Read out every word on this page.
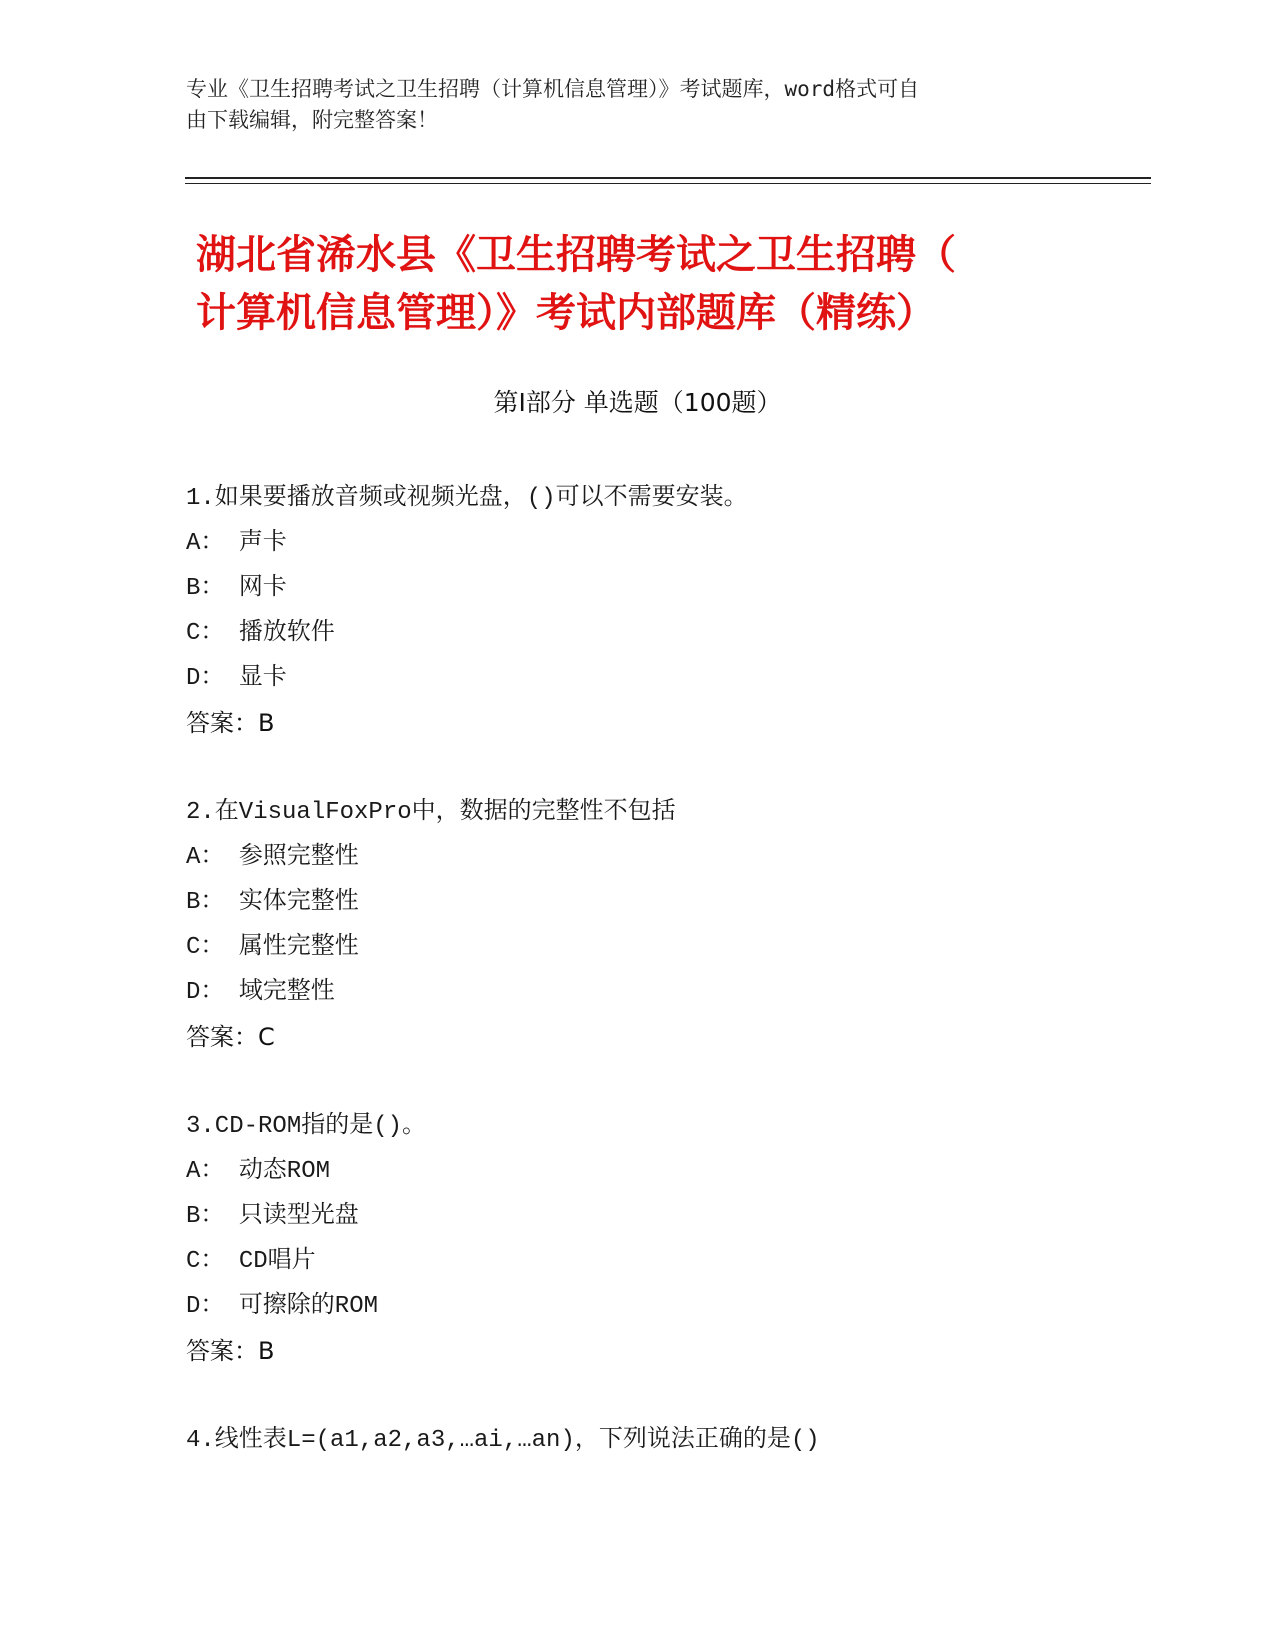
专业《卫生招聘考试之卫生招聘（计算机信息管理）》考试题库，word格式可自
由下载编辑，附完整答案！
湖北省浠水县《卫生招聘考试之卫生招聘（
计算机信息管理）》考试内部题库（精练）
第Ⅰ部分 单选题（100题）
1.如果要播放音频或视频光盘，()可以不需要安装。
A： 声卡
B： 网卡
C： 播放软件
D： 显卡
答案：B
2.在VisualFoxPro中，数据的完整性不包括
A： 参照完整性
B： 实体完整性
C： 属性完整性
D： 域完整性
答案：C
3.CD-ROM指的是()。
A： 动态ROM
B： 只读型光盘
C： CD唱片
D： 可擦除的ROM
答案：B
4.线性表L=(a1,a2,a3,…ai,…an)，下列说法正确的是()
